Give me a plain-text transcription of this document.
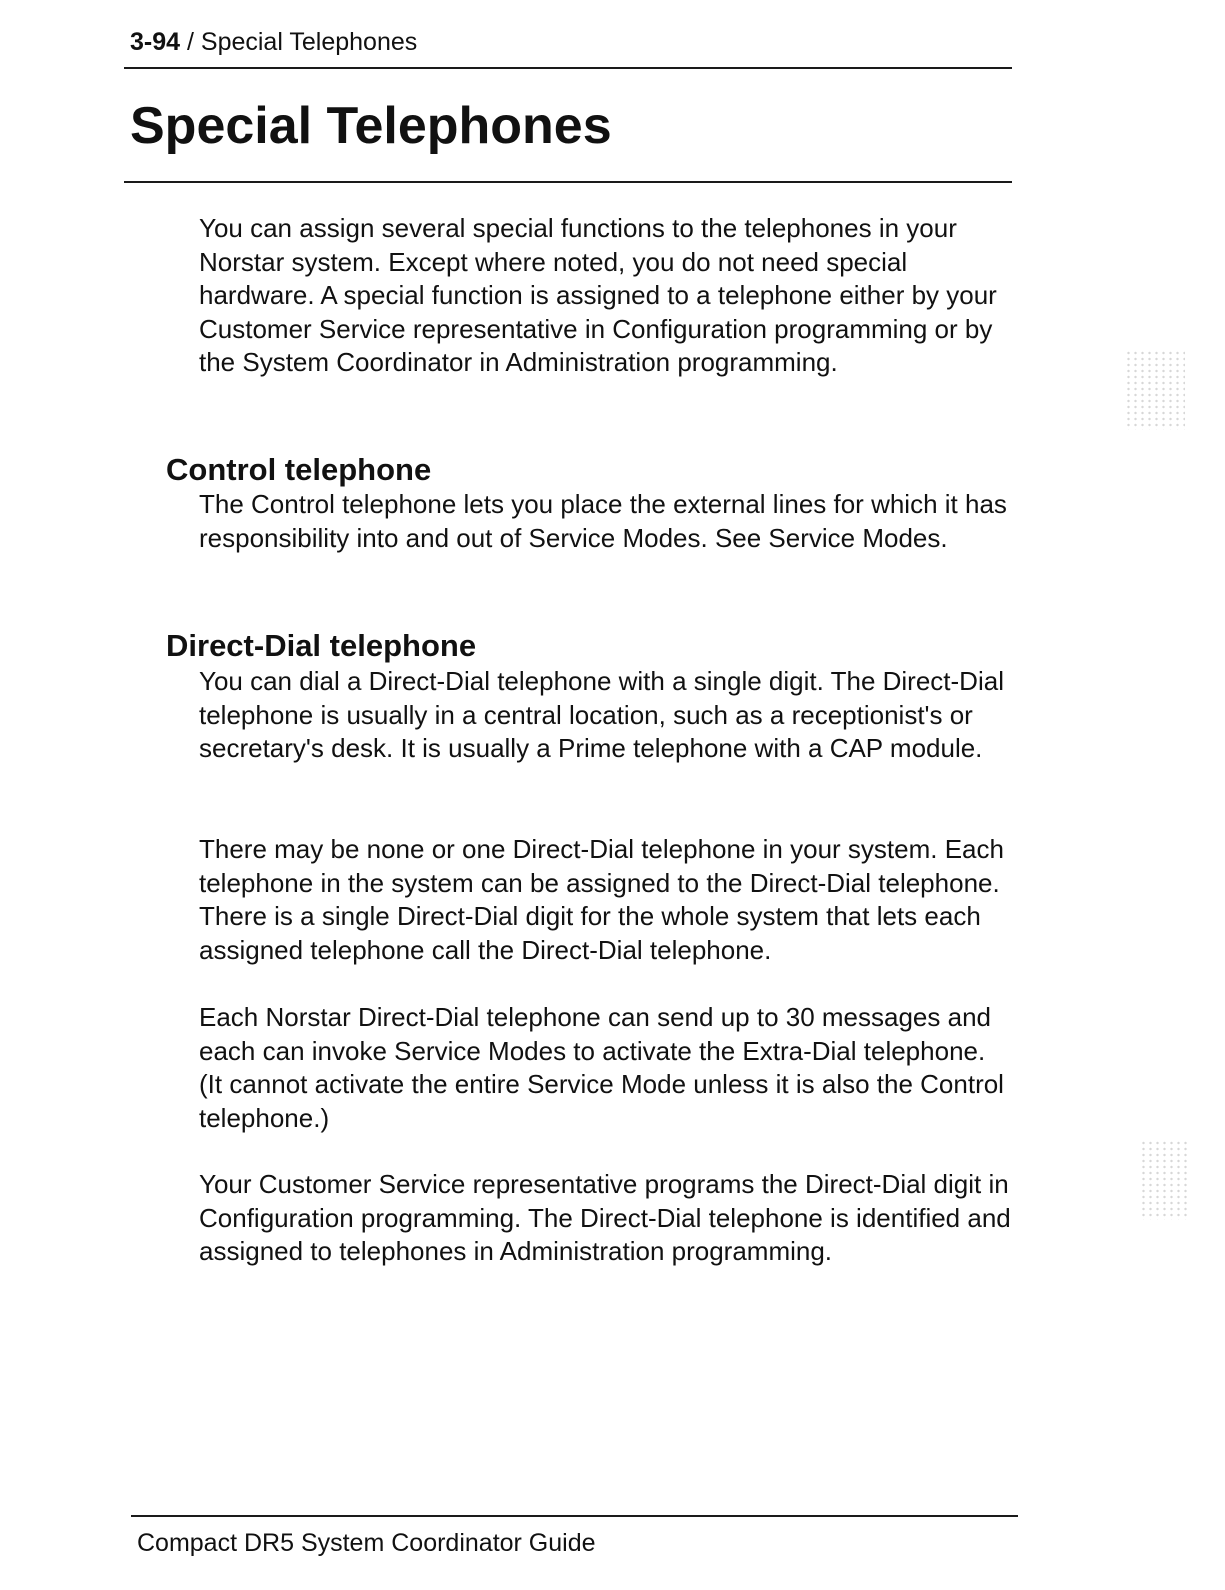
3-94 / Special Telephones
Special Telephones

You can assign several special functions to the telephones in your Norstar system. Except where noted, you do not need special hardware. A special function is assigned to a telephone either by your Customer Service representative in Configuration programming or by the System Coordinator in Administration programming.

Control telephone

The Control telephone lets you place the external lines for which it has responsibility into and out of Service Modes. See Service Modes.

Direct-Dial telephone

You can dial a Direct-Dial telephone with a single digit. The Direct-Dial telephone is usually in a central location, such as a receptionist's or secretary's desk. It is usually a Prime telephone with a CAP module.

There may be none or one Direct-Dial telephone in your system. Each telephone in the system can be assigned to the Direct-Dial telephone. There is a single Direct-Dial digit for the whole system that lets each assigned telephone call the Direct-Dial telephone.

Each Norstar Direct-Dial telephone can send up to 30 messages and each can invoke Service Modes to activate the Extra-Dial telephone. (It cannot activate the entire Service Mode unless it is also the Control telephone.)

Your Customer Service representative programs the Direct-Dial digit in Configuration programming. The Direct-Dial telephone is identified and assigned to telephones in Administration programming.

Compact DR5 System Coordinator Guide
